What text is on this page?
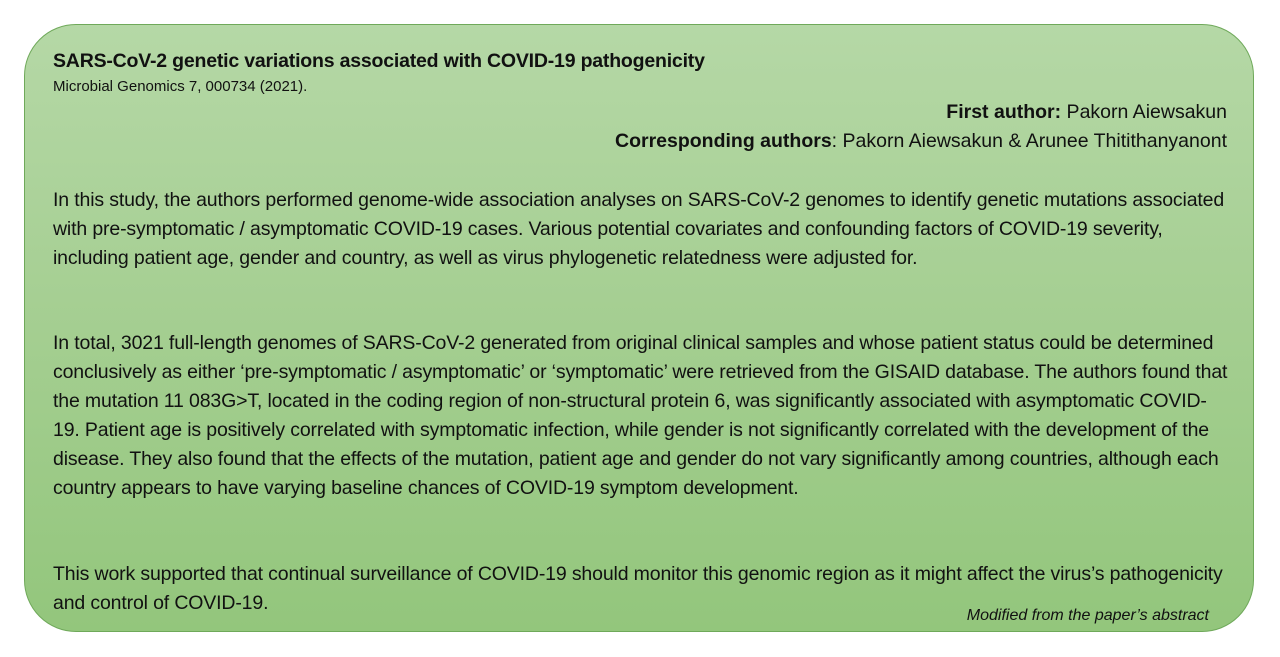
SARS-CoV-2 genetic variations associated with COVID-19 pathogenicity
Microbial Genomics 7, 000734 (2021).
First author: Pakorn Aiewsakun
Corresponding authors: Pakorn Aiewsakun & Arunee Thitithanyanont

In this study, the authors performed genome-wide association analyses on SARS-CoV-2 genomes to identify genetic mutations associated with pre-symptomatic / asymptomatic COVID-19 cases. Various potential covariates and confounding factors of COVID-19 severity, including patient age, gender and country, as well as virus phylogenetic relatedness were adjusted for.

In total, 3021 full-length genomes of SARS-CoV-2 generated from original clinical samples and whose patient status could be determined conclusively as either ‘pre-symptomatic / asymptomatic’ or ‘symptomatic’ were retrieved from the GISAID database. The authors found that the mutation 11 083G>T, located in the coding region of non-structural protein 6, was significantly associated with asymptomatic COVID-19. Patient age is positively correlated with symptomatic infection, while gender is not significantly correlated with the development of the disease. They also found that the effects of the mutation, patient age and gender do not vary significantly among countries, although each country appears to have varying baseline chances of COVID-19 symptom development.

This work supported that continual surveillance of COVID-19 should monitor this genomic region as it might affect the virus’s pathogenicity and control of COVID-19.

Modified from the paper’s abstract
